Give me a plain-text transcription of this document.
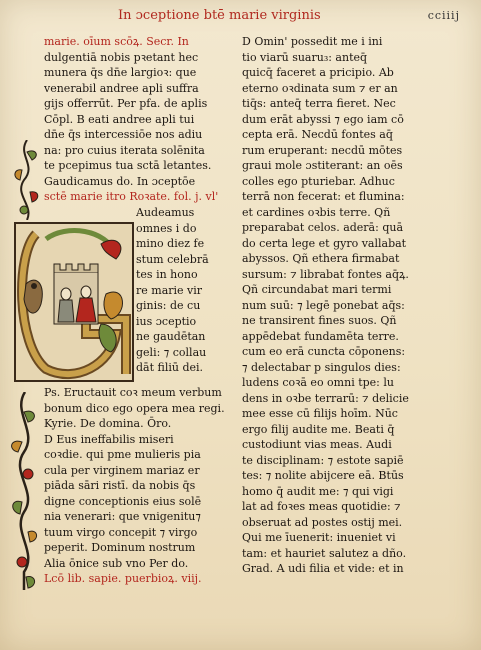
In ɔceptione btē marie virginis	cciiij
marie. oīum scōꝝ. Secr. In
dulgentiā nobis pꝛetant hec
munera q̄s dn̄e largioꝛ: que
venerabil andree apli suffra
gijs offerrūt. Per pfa. de aplis
Cōpl. B eati andree apli tui
dn̄e q̄s intercessiōe nos adiu
na: pro cuius iterata solēnita
te pcepimus tua sctā letantes.
Gaudicamus do. In ɔceptōe
sctē marie itro Roꝛate. fol. j. vl'
Audeamus
omnes i do
mino diez fe
stum celebrā
tes in hono
re marie vir
ginis: de cu
ius ɔceptio
ne gaudētan
geli: ⁊ collau
dāt filiū dei.
Ps. Eructauit coꝛ meum verbum
bonum dico ego opera mea regi.
Kyrie. De domina. Ōro.
D Eus ineffabilis miseri
coꝛdie. qui pme mulieris pia
cula per virginem mariaz er
piāda sāri ristī. da nobis q̄s
digne conceptionis eius solē
nia venerari: que vnigenitu⁊
tuum virgo concepit ⁊ virgo
peperit. Dominum nostrum
Alia ōnice sub vno Per do.
Lcō lib. sapie. puerbioꝝ. viij.
D Omin' possedit me i ini
tio viarū suaru₃: anteq̄
quicq̄ faceret a pricipio. Ab
eterno oꝛdinata sum ⁊ er an
tiq̄s: anteq̄ terra fieret. Nec
dum erāt abyssi ⁊ ego iam cō
cepta erā. Necdū fontes aq̄
rum eruperant: necdū mōtes
graui mole ɔstiterant: an oēs
colles ego pturiebar. Adhuc
terrā non fecerat: et flumina:
et cardines oꝛbis terre. Qñ
preparabat celos. aderā: quā
do certa lege et gyro vallabat
abyssos. Qñ ethera firmabat
sursum: ⁊ librabat fontes aq̄ꝝ.
Qñ circundabat mari termi
num suū: ⁊ legē ponebat aq̄s:
ne transirent fines suos. Qñ
appēdebat fundamēta terre.
cum eo erā cuncta cōponens:
⁊ delectabar p singulos dies:
ludens coꝛā eo omni tpe: lu
dens in oꝛbe terrarū: ⁊ delicie
mee esse cū filijs hoīm. Nūc
ergo filij audite me. Beati q̄
custodiunt vias meas. Audi
te disciplinam: ⁊ estote sapiē
tes: ⁊ nolite abijcere eā. Btūs
homo q̄ audit me: ⁊ qui vigi
lat ad foꝛes meas quotidie: ⁊
obseruat ad postes ostij mei.
Qui me īuenerit: inueniet vi
tam: et hauriet salutez a dño.
Grad. A udi filia et vide: et in
